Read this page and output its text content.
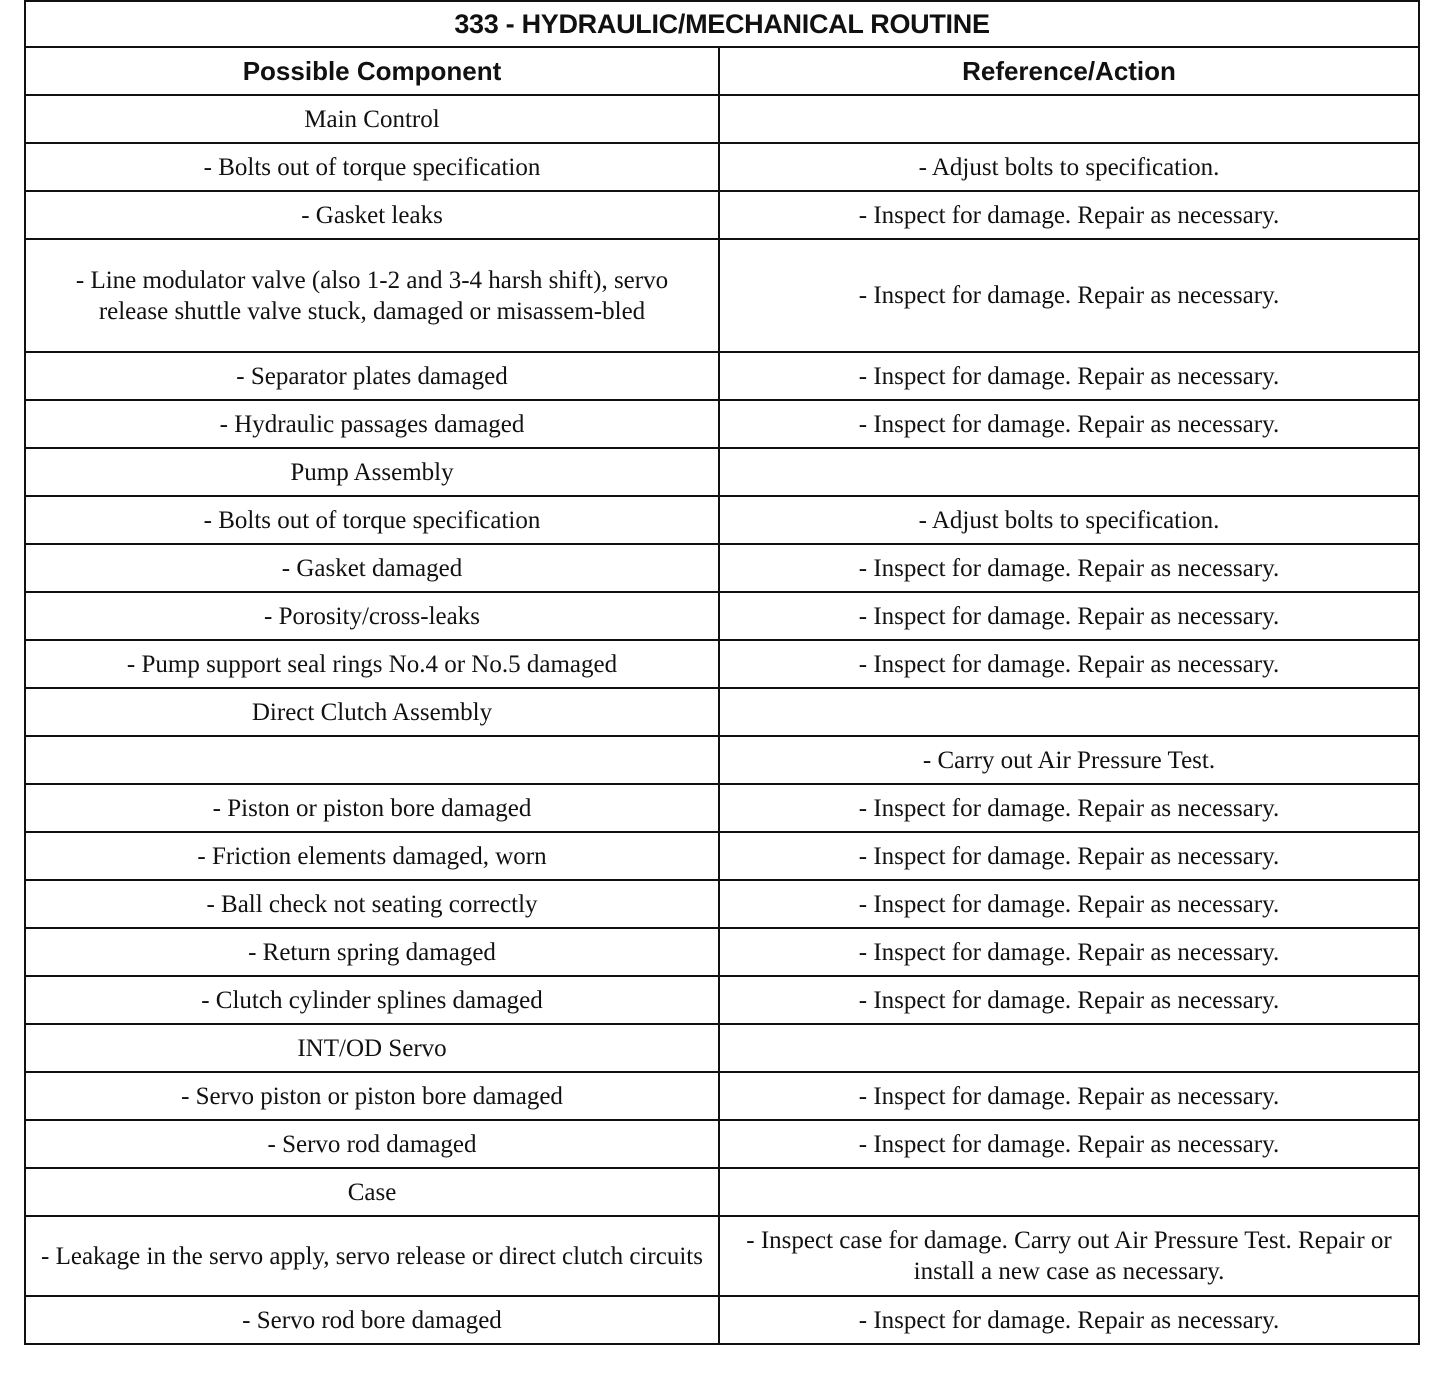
333 - HYDRAULIC/MECHANICAL ROUTINE	
Possible Component	Reference/Action
Main Control	
- Bolts out of torque specification	- Adjust bolts to specification.
- Gasket leaks	- Inspect for damage. Repair as necessary.
- Line modulator valve (also 1-2 and 3-4 harsh shift), servo release shuttle valve stuck, damaged or misassem-bled	- Inspect for damage. Repair as necessary.
- Separator plates damaged	- Inspect for damage. Repair as necessary.
- Hydraulic passages damaged	- Inspect for damage. Repair as necessary.
Pump Assembly	
- Bolts out of torque specification	- Adjust bolts to specification.
- Gasket damaged	- Inspect for damage. Repair as necessary.
- Porosity/cross-leaks	- Inspect for damage. Repair as necessary.
- Pump support seal rings No.4 or No.5 damaged	- Inspect for damage. Repair as necessary.
Direct Clutch Assembly	
	- Carry out Air Pressure Test.
- Piston or piston bore damaged	- Inspect for damage. Repair as necessary.
- Friction elements damaged, worn	- Inspect for damage. Repair as necessary.
- Ball check not seating correctly	- Inspect for damage. Repair as necessary.
- Return spring damaged	- Inspect for damage. Repair as necessary.
- Clutch cylinder splines damaged	- Inspect for damage. Repair as necessary.
INT/OD Servo	
- Servo piston or piston bore damaged	- Inspect for damage. Repair as necessary.
- Servo rod damaged	- Inspect for damage. Repair as necessary.
Case	
- Leakage in the servo apply, servo release or direct clutch circuits	- Inspect case for damage. Carry out Air Pressure Test. Repair or install a new case as necessary.
- Servo rod bore damaged	- Inspect for damage. Repair as necessary.
